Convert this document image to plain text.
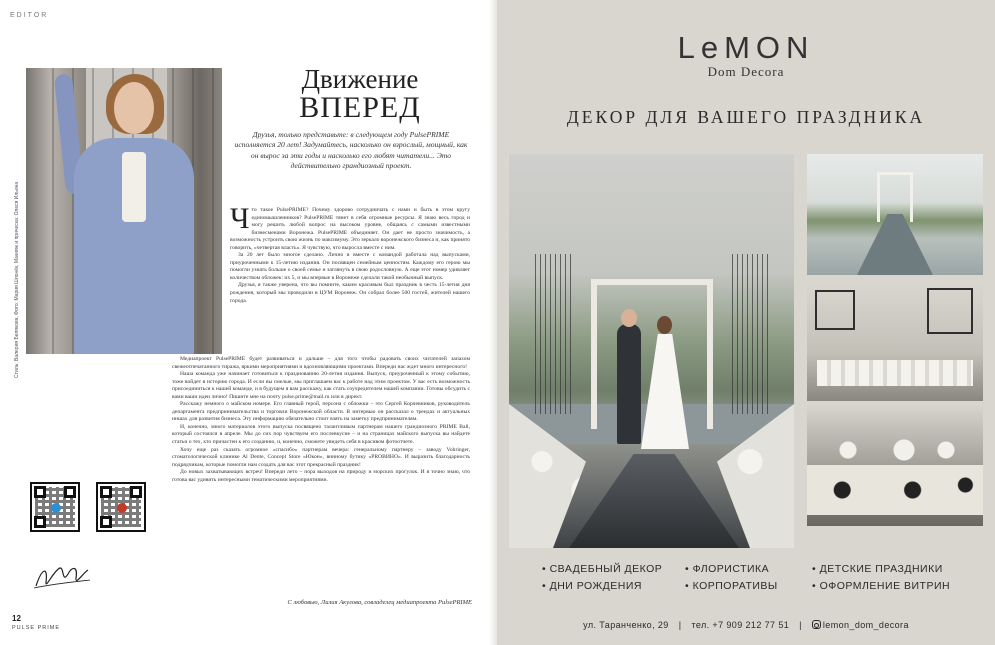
EDITOR
Стиль: Валерия Белякова, Фото: Мария Шлонёк, Макияж и прическа: Олеся Ильина
Движение
ВПЕРЕД
Друзья, только представьте: в следующем году PulsePRIME исполняется 20 лет! Задумайтесь, насколько он взрослый, мощный, как он вырос за эти годы и насколько его любят читатели... Это действительно грандиозный проект.
Ч то такое PulsePRIME? Почему здорово сотрудничать с нами и быть в этом кругу единомышленников? PulsePRIME тянет в себя огромные ресурсы. Я знаю весь город и могу решить любой вопрос на высоком уровне, общаясь с самыми известными бизнесменами Воронежа. PulsePRIME объединяет. Он дает не просто значимость, а возможность устроить свою жизнь по максимуму. Это зеркало воронежского бизнеса и, как принято говорить, «четвертая власть». Я чувствую, что выросла вместе с ним.

За 20 лет было многое сделано. Лично я вместе с командой работала над выпусками, приуроченными к 15-летию издания. Он посвящен семейным ценностям. Каждому его герою мы помогли узнать больше о своей семье и заглянуть в свою родословную. А еще этот номер удивляет количеством обложек: их 5, и мы впервые в Воронеже сделали такой необычный выпуск.

Друзья, я также уверена, что вы помните, каким красивым был праздник в честь 15-летия дня рождения, который мы проводили в ЦУМ Воронеж. Он собрал более 500 гостей, жителей нашего города.

Медиапроект PulsePRIME будет развиваться и дальше – для того чтобы радовать своих читателей запахом свежеотпечатанного тиража, яркими мероприятиями и вдохновляющими проектами. Впереди нас ждет много интересного!

Наша команда уже начинает готовиться к празднованию 20-летия издания. Выпуск, приуроченный к этому событию, тоже войдет в историю города. И если вы смелые, мы приглашаем вас к работе над этим проектом. У вас есть возможность присоединиться к нашей команде, и в будущем я вам расскажу, как стать соучредителем нашей компании. Готовы обсудить с вами ваши идеи лично! Пишите мне на почту pulse.prime@mail.ru или в директ.

Расскажу немного о майском номере. Его главный герой, персона с обложки – это Сергей Корчевников, руководитель департамента предпринимательства и торговли Воронежской области. В интервью он рассказал о трендах и актуальных нишах для развития бизнеса. Эту информацию обязательно стоит взять на заметку предпринимателям.

И, конечно, много материалов этого выпуска посвящено талантливым партнерам нашего грандиозного PRIME Ball, который состоялся в апреле. Мы до сих пор чувствуем его послевкусие – и на страницах майского выпуска вы найдете статьи о тех, кто причастен к его созданию, и, конечно, сможете увидеть себя в красивом фотоотчете.

Хочу еще раз сказать огромное «спасибо» партнерам вечера: генеральному партнеру – заводу Vohringer, стоматологической клинике Al Dente, Concept Store «Юкон», винному бутику «PROВИНО». И выразить благодарность подрядчикам, которые помогли нам создать для вас этот прекрасный праздник!

До новых захватывающих встреч! Впереди лето – пора выходов на природу и морских прогулок. И я точно знаю, что готова вас удивить интересными тематическими мероприятиями.

С любовью, Лилия Акулова, совладелец медиапроекта PulsePRIME
12
PULSE PRIME
LeMON
Dom Decora
ДЕКОР ДЛЯ ВАШЕГО ПРАЗДНИКА
• СВАДЕБНЫЙ ДЕКОР	• ФЛОРИСТИКА	• ДЕТСКИЕ ПРАЗДНИКИ
• ДНИ РОЖДЕНИЯ	• КОРПОРАТИВЫ	• ОФОРМЛЕНИЕ ВИТРИН
ул. Таранченко, 29 | тел. +7 909 212 77 51 | lemon_dom_decora
